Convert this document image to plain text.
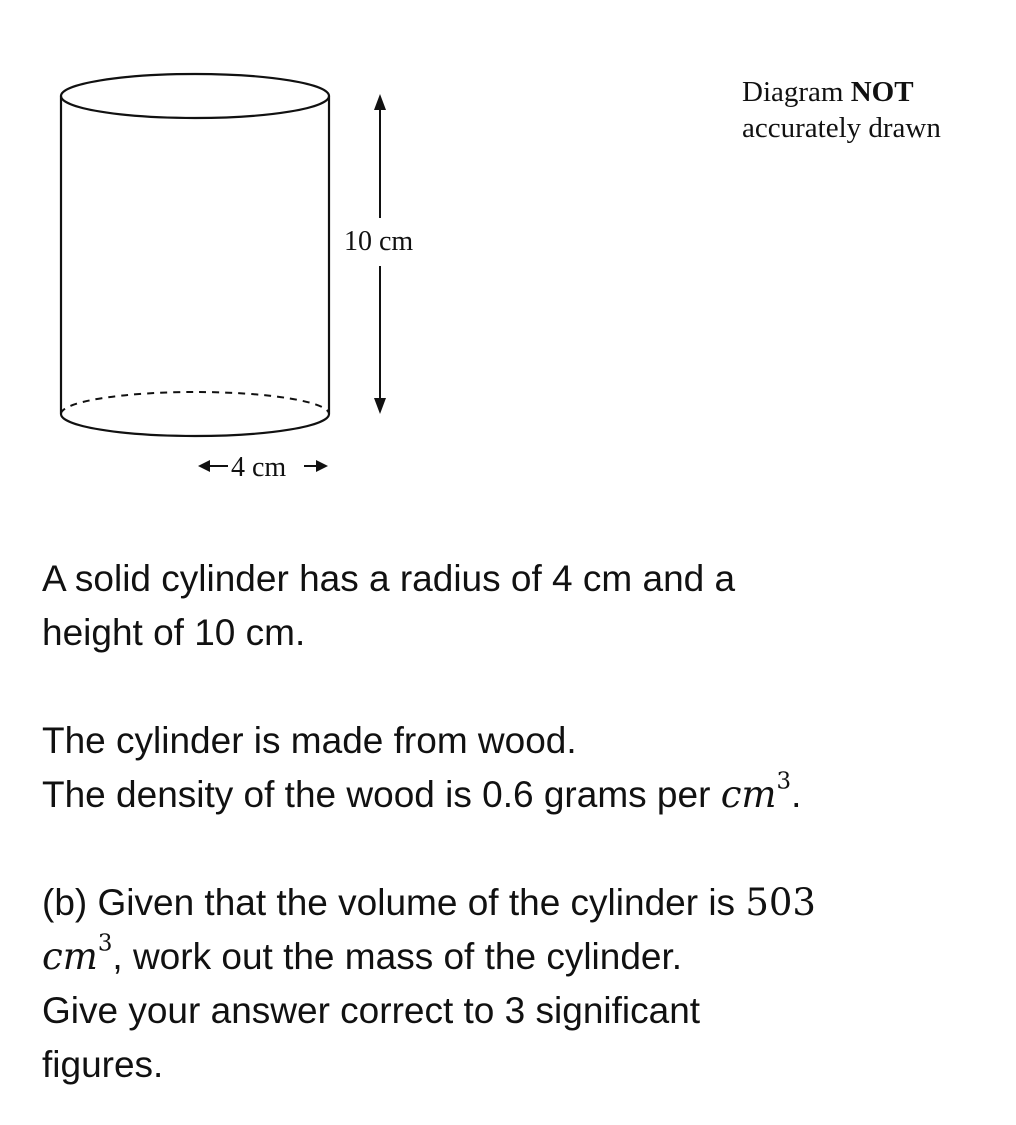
10 cm
4 cm
Diagram NOT
accurately drawn

A solid cylinder has a radius of 4 cm and a

height of 10 cm.

The cylinder is made from wood.

The density of the wood is 0.6 grams per $cm^3$.

(b) Given that the volume of the cylinder is 503
$cm^3$, work out the mass of the cylinder.

Give your answer correct to 3 significant

figures.
